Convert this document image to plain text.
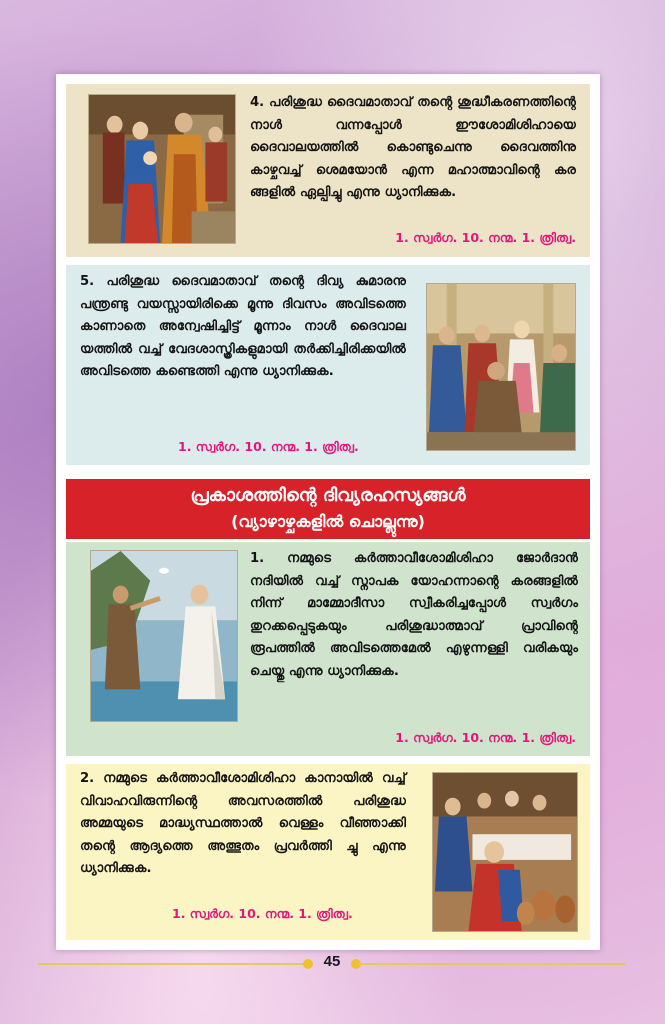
4. പരിശുദ്ധ ദൈവമാതാവ് തന്റെ ശുദ്ധീകരണത്തിന്റെ നാൾ വന്നപ്പോൾ ഈശോമിശിഹായെ ദൈവാലയത്തിൽ കൊണ്ടുചെന്നു ദൈവത്തിനു കാഴ്ചവച്ച് ശെമയോൻ എന്ന മഹാത്മാവിന്റെ കര ങ്ങളിൽ ഏല്പിച്ചു എന്നു ധ്യാനിക്കുക.
1. സ്വർഗ. 10. നന്മ. 1. ത്രിത്വ.
5. പരിശുദ്ധ ദൈവമാതാവ് തന്റെ ദിവ്യ കുമാരനു പന്ത്രണ്ടു വയസ്സായിരിക്കെ മൂന്നു ദിവസം അവിടത്തെ കാണാതെ അന്വേഷിച്ചിട്ട് മൂന്നാം നാൾ ദൈവാല യത്തിൽ വച്ച് വേദശാസ്ത്രികളുമായി തർക്കിച്ചിരിക്കയിൽ അവിടത്തെ കണ്ടെത്തി എന്നു ധ്യാനിക്കുക.
1. സ്വർഗ. 10. നന്മ. 1. ത്രിത്വ.
പ്രകാശത്തിന്റെ ദിവ്യരഹസ്യങ്ങൾ
(വ്യാഴാഴ്ചകളിൽ ചൊല്ലുന്നു)
1. നമ്മുടെ കർത്താവീശോമിശിഹാ ജോർദാൻ നദിയിൽ വച്ച് സ്നാപക യോഹന്നാന്റെ കരങ്ങളിൽ നിന്ന് മാമ്മോദീസാ സ്വീകരിച്ചപ്പോൾ സ്വർഗം തുറക്കപ്പെടുകയും പരിശുദ്ധാത്മാവ് പ്രാവിന്റെ രൂപത്തിൽ അവിടത്തെമേൽ എഴുന്നള്ളി വരികയും ചെയ്തു എന്നു ധ്യാനിക്കുക.
1. സ്വർഗ. 10. നന്മ. 1. ത്രിത്വ.
2. നമ്മുടെ കർത്താവീശോമിശിഹാ കാനായിൽ വച്ച് വിവാഹവിരുന്നിന്റെ അവസരത്തിൽ പരിശുദ്ധ അമ്മയുടെ മാദ്ധ്യസ്ഥത്താൽ വെള്ളം വീഞ്ഞാക്കി തന്റെ ആദ്യത്തെ അത്ഭുതം പ്രവർത്തി ച്ചു എന്നു ധ്യാനിക്കുക.
1. സ്വർഗ. 10. നന്മ. 1. ത്രിത്വ.
45
